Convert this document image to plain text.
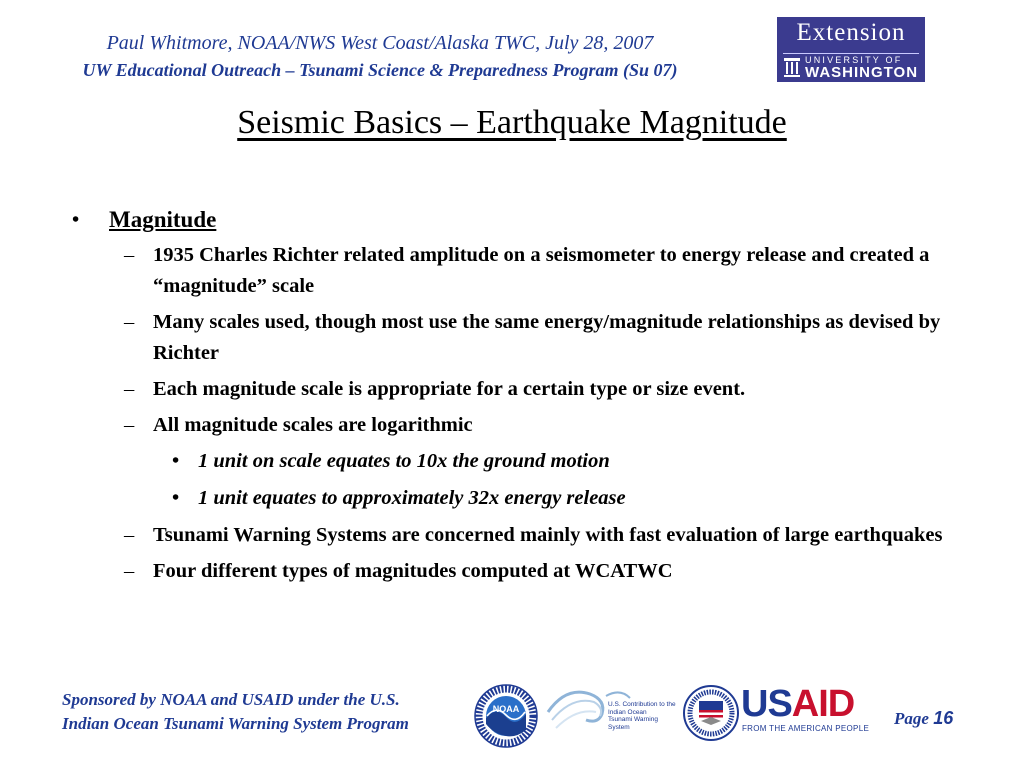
Paul Whitmore, NOAA/NWS West Coast/Alaska TWC, July 28, 2007
UW Educational Outreach – Tsunami Science & Preparedness Program (Su 07)
Extension
UNIVERSITY OF
WASHINGTON
Seismic Basics – Earthquake Magnitude
• Magnitude
– 1935 Charles Richter related amplitude on a seismometer to energy release and created a “magnitude” scale
– Many scales used, though most use the same energy/magnitude relationships as devised by Richter
– Each magnitude scale is appropriate for a certain type or size event.
– All magnitude scales are logarithmic
• 1 unit on scale equates to 10x the ground motion
• 1 unit equates to approximately 32x energy release
– Tsunami Warning Systems are concerned mainly with fast evaluation of large earthquakes
– Four different types of magnitudes computed at WCATWC
Sponsored by NOAA and USAID under the U.S.
Indian Ocean Tsunami Warning System Program
NOAA	U.S. Contribution to the
Indian Ocean
Tsunami Warning
System
USAID
FROM THE AMERICAN PEOPLE
Page 16
